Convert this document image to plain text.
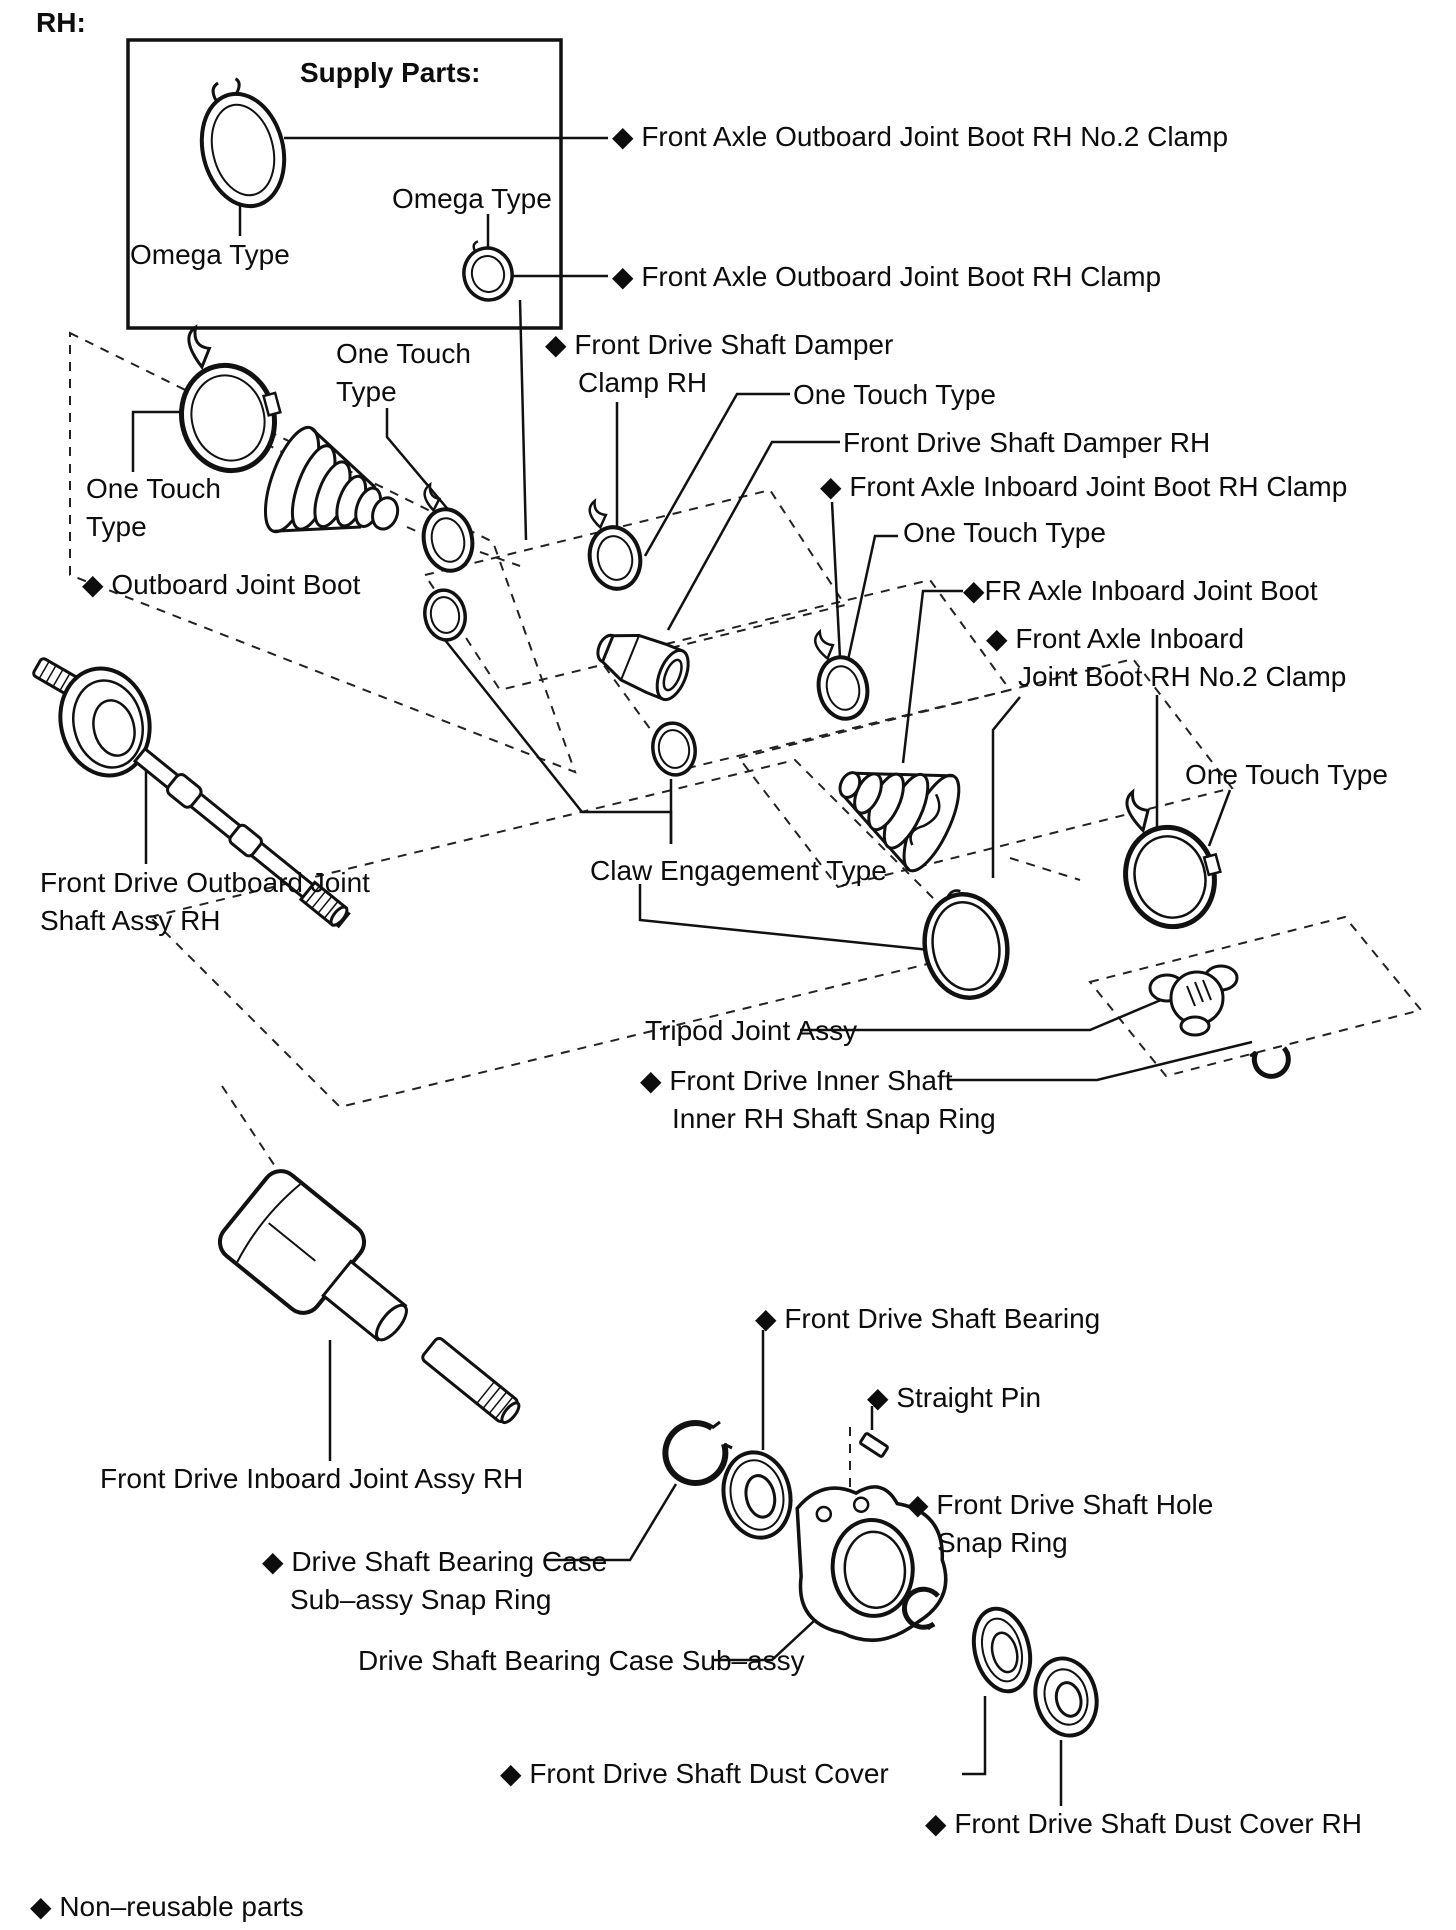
RH:
Supply Parts:
Omega Type
Omega Type
◆ Front Axle Outboard Joint Boot RH No.2 Clamp
◆ Front Axle Outboard Joint Boot RH Clamp
◆ Front Drive Shaft Damper
Clamp RH
One Touch
Type	One Touch Type
Front Drive Shaft Damper RH
◆ Front Axle Inboard Joint Boot RH Clamp
One Touch Type
◆FR Axle Inboard Joint Boot
◆ Front Axle Inboard
Joint Boot RH No.2 Clamp
One Touch Type
One Touch
Type
◆ Outboard Joint Boot
Front Drive Outboard Joint
Shaft Assy RH
Claw Engagement Type
Tripod Joint Assy
◆ Front Drive Inner Shaft
Inner RH Shaft Snap Ring
Front Drive Inboard Joint Assy RH
◆ Front Drive Shaft Bearing
◆ Straight Pin
◆ Front Drive Shaft Hole
Snap Ring
◆ Drive Shaft Bearing Case
Sub–assy Snap Ring
Drive Shaft Bearing Case Sub–assy
◆ Front Drive Shaft Dust Cover
◆ Front Drive Shaft Dust Cover RH
◆ Non–reusable parts
